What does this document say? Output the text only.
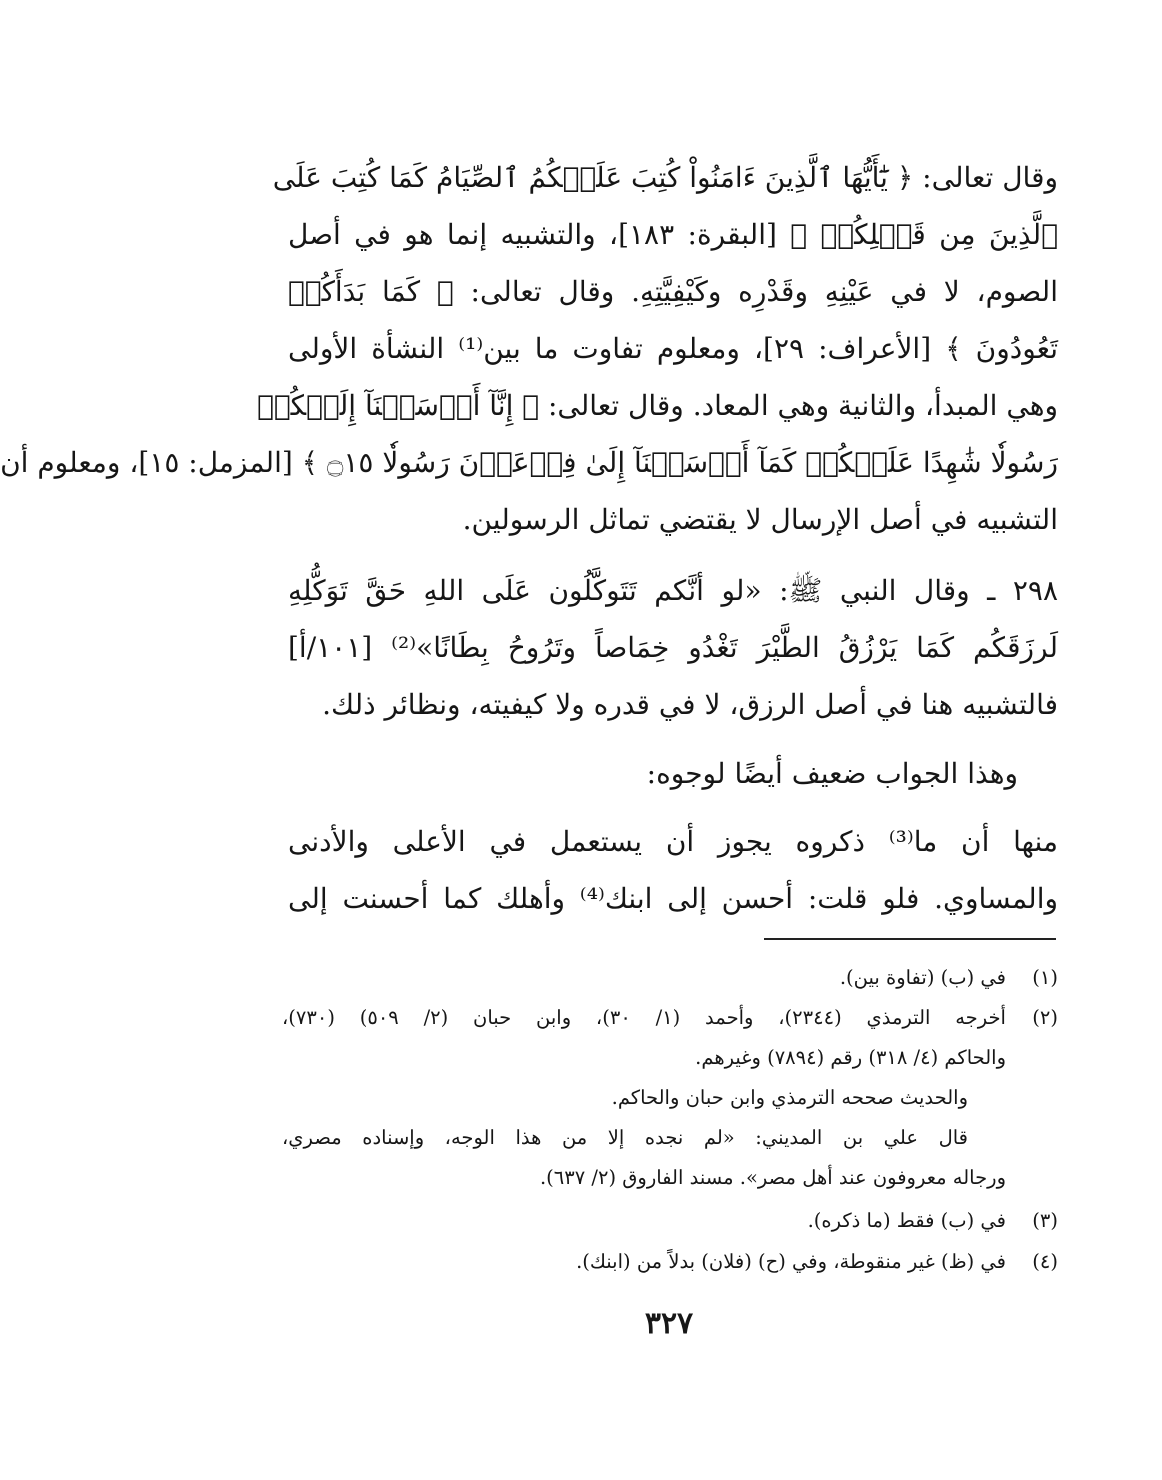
وقال تعالى: ﴿ يَٰٓأَيُّهَا ٱلَّذِينَ ءَامَنُواْ كُتِبَ عَلَيۡكُمُ ٱلصِّيَامُ كَمَا كُتِبَ عَلَى
ٱلَّذِينَ مِن قَبۡلِكُمۡ ﴾ [البقرة: ١٨٣]، والتشبيه إنما هو في أصل
الصوم، لا في عَيْنِهِ وقَدْرِه وكَيْفِيَّتِهِ. وقال تعالى: ﴿ كَمَا بَدَأَكُمۡ
تَعُودُونَ ﴾ [الأعراف: ٢٩]، ومعلوم تفاوت ما بين⁽¹⁾ النشأة الأولى
وهي المبدأ، والثانية وهي المعاد. وقال تعالى: ﴿ إِنَّآ أَرۡسَلۡنَآ إِلَيۡكُمۡ
رَسُولٗا شَٰهِدًا عَلَيۡكُمۡ كَمَآ أَرۡسَلۡنَآ إِلَىٰ فِرۡعَوۡنَ رَسُولٗا ۝١٥ ﴾ [المزمل: ١٥]، ومعلوم أن
التشبيه في أصل الإرسال لا يقتضي تماثل الرسولين.
٢٩٨ ـ وقال النبي ﷺ: «لو أنَّكم تَتَوكَّلُون عَلَى اللهِ حَقَّ تَوَكُّلِهِ
لَرزَقَكُم كَمَا يَرْزُقُ الطَّيْرَ تَغْدُو خِمَاصاً وتَرُوحُ بِطَانًا»⁽²⁾ [١٠١/أ]
فالتشبيه هنا في أصل الرزق، لا في قدره ولا كيفيته، ونظائر ذلك.
وهذا الجواب ضعيف أيضًا لوجوه:
منها أن ما⁽³⁾ ذكروه يجوز أن يستعمل في الأعلى والأدنى
والمساوي. فلو قلت: أحسن إلى ابنك⁽⁴⁾ وأهلك كما أحسنت إلى
(١)
في (ب) (تفاوة بين).
(٢)
أخرجه الترمذي (٢٣٤٤)، وأحمد (١/ ٣٠)، وابن حبان (٢/ ٥٠٩) (٧٣٠)،
والحاكم (٤/ ٣١٨) رقم (٧٨٩٤) وغيرهم.
والحديث صححه الترمذي وابن حبان والحاكم.
قال علي بن المديني: «لم نجده إلا من هذا الوجه، وإسناده مصري،
ورجاله معروفون عند أهل مصر». مسند الفاروق (٢/ ٦٣٧).
(٣)
في (ب) فقط (ما ذكره).
(٤)
في (ظ) غير منقوطة، وفي (ح) (فلان) بدلاً من (ابنك).
٣٢٧
